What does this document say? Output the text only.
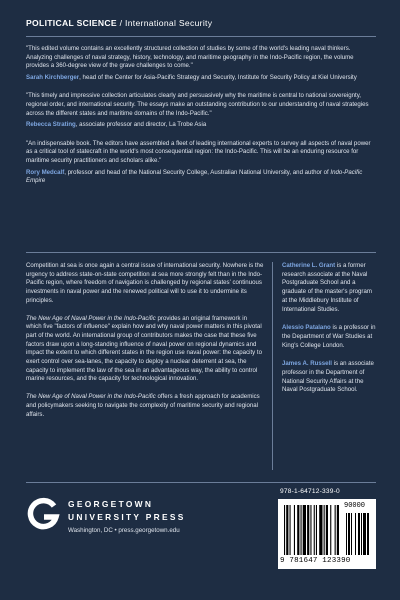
POLITICAL SCIENCE / International Security
"This edited volume contains an excellently structured collection of studies by some of the world's leading naval thinkers. Analyzing challenges of naval strategy, history, technology, and maritime geography in the Indo-Pacific region, the volume provides a 360-degree view of the grave challenges to come."
Sarah Kirchberger, head of the Center for Asia-Pacific Strategy and Security, Institute for Security Policy at Kiel University
"This timely and impressive collection articulates clearly and persuasively why the maritime is central to national sovereignty, regional order, and international security. The essays make an outstanding contribution to our understanding of naval strategies across the different states and maritime domains of the Indo-Pacific."
Rebecca Strating, associate professor and director, La Trobe Asia
"An indispensable book. The editors have assembled a fleet of leading international experts to survey all aspects of naval power as a critical tool of statecraft in the world's most consequential region: the Indo-Pacific. This will be an enduring resource for maritime security practitioners and scholars alike."
Rory Medcalf, professor and head of the National Security College, Australian National University, and author of Indo-Pacific Empire

Competition at sea is once again a central issue of international security. Nowhere is the urgency to address state-on-state competition at sea more strongly felt than in the Indo-Pacific region, where freedom of navigation is challenged by regional states' continuous investments in naval power and the renewed political will to use it to undermine its principles.

The New Age of Naval Power in the Indo-Pacific provides an original framework in which five "factors of influence" explain how and why naval power matters in this pivotal part of the world. An international group of contributors makes the case that these five factors draw upon a long-standing influence of naval power on regional dynamics and impact the extent to which different states in the region use naval power: the capacity to exert control over sea-lanes, the capacity to deploy a nuclear deterrent at sea, the capacity to implement the law of the sea in an advantageous way, the ability to control marine resources, and the capacity for technological innovation.

The New Age of Naval Power in the Indo-Pacific offers a fresh approach for academics and policymakers seeking to navigate the complexity of maritime security and regional affairs.

Catherine L. Grant is a former research associate at the Naval Postgraduate School and a graduate of the master's program at the Middlebury Institute of International Studies.
Alessio Patalano is a professor in the Department of War Studies at King's College London.
James A. Russell is an associate professor in the Department of National Security Affairs at the Naval Postgraduate School.
GEORGETOWN
UNIVERSITY PRESS
Washington, DC • press.georgetown.edu
978-1-64712-339-0
90000
9 781647 123390
